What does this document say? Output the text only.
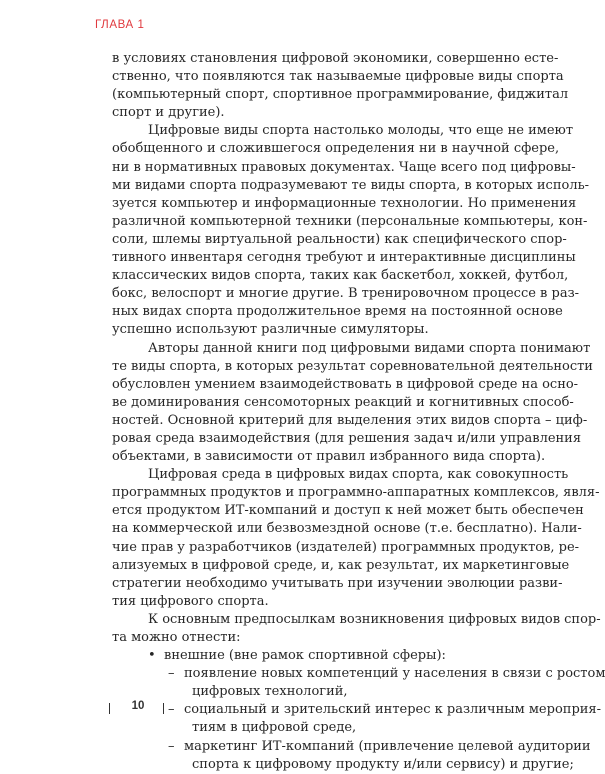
ГЛАВА 1
в условиях становления цифровой экономики, совершенно есте-
ственно, что появляются так называемые цифровые виды спорта
(компьютерный спорт, спортивное программирование, фиджитал
спорт и другие).
Цифровые виды спорта настолько молоды, что еще не имеют
обобщенного и сложившегося определения ни в научной сфере,
ни в нормативных правовых документах. Чаще всего под цифровы-
ми видами спорта подразумевают те виды спорта, в которых исполь-
зуется компьютер и информационные технологии. Но применения
различной компьютерной техники (персональные компьютеры, кон-
соли, шлемы виртуальной реальности) как специфического спор-
тивного инвентаря сегодня требуют и интерактивные дисциплины
классических видов спорта, таких как баскетбол, хоккей, футбол,
бокс, велоспорт и многие другие. В тренировочном процессе в раз-
ных видах спорта продолжительное время на постоянной основе
успешно используют различные симуляторы.
Авторы данной книги под цифровыми видами спорта понимают
те виды спорта, в которых результат соревновательной деятельности
обусловлен умением взаимодействовать в цифровой среде на осно-
ве доминирования сенсомоторных реакций и когнитивных способ-
ностей. Основной критерий для выделения этих видов спорта – циф-
ровая среда взаимодействия (для решения задач и/или управления
объектами, в зависимости от правил избранного вида спорта).
Цифровая среда в цифровых видах спорта, как совокупность
программных продуктов и программно-аппаратных комплексов, явля-
ется продуктом ИТ-компаний и доступ к ней может быть обеспечен
на коммерческой или безвозмездной основе (т.е. бесплатно). Нали-
чие прав у разработчиков (издателей) программных продуктов, ре-
ализуемых в цифровой среде, и, как результат, их маркетинговые
стратегии необходимо учитывать при изучении эволюции разви-
тия цифрового спорта.
К основным предпосылкам возникновения цифровых видов спор-
та можно отнести:
• внешние (вне рамок спортивной сферы):
– появление новых компетенций у населения в связи с ростом
цифровых технологий,
– социальный и зрительский интерес к различным мероприя-
тиям в цифровой среде,
– маркетинг ИТ-компаний (привлечение целевой аудитории
спорта к цифровому продукту и/или сервису) и другие;
10
